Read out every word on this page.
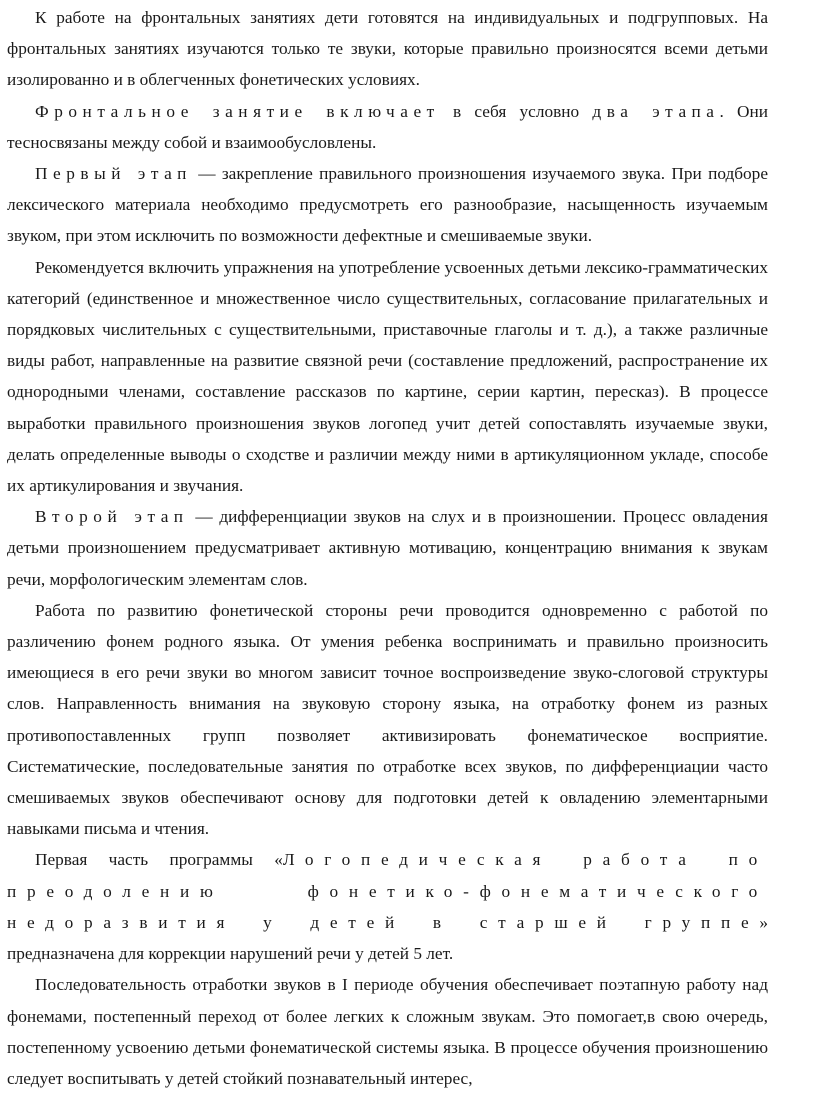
К работе на фронтальных занятиях дети готовятся на индивидуальных и подгрупповых. На фронтальных занятиях изучаются только те звуки, которые правильно произносятся всеми детьми изолированно и в облегченных фонетических условиях.

Фронтальное занятие включает в себя условно два этапа. Они тесносвязаны между собой и взаимообусловлены.

Первый этап — закрепление правильного произношения изучаемого звука. При подборе лексического материала необходимо предусмотреть его разнообразие, насыщенность изучаемым звуком, при этом исключить по возможности дефектные и смешиваемые звуки.

Рекомендуется включить упражнения на употребление усвоенных детьми лексико-грамматических категорий (единственное и множественное число существительных, согласование прилагательных и порядковых числительных с существительными, приставочные глаголы и т. д.), а также различные виды работ, направленные на развитие связной речи (составление предложений, распространение их однородными членами, составление рассказов по картине, серии картин, пересказ). В процессе выработки правильного произношения звуков логопед учит детей сопоставлять изучаемые звуки, делать определенные выводы о сходстве и различии между ними в артикуляционном укладе, способе их артикулирования и звучания.

Второй этап — дифференциации звуков на слух и в произношении. Процесс овладения детьми произношением предусматривает активную мотивацию, концентрацию внимания к звукам речи, морфологическим элементам слов.

Работа по развитию фонетической стороны речи проводится одновременно с работой по различению фонем родного языка. От умения ребенка воспринимать и правильно произносить имеющиеся в его речи звуки во многом зависит точное воспроизведение звуко-слоговой структуры слов. Направленность внимания на звуковую сторону языка, на отработку фонем из разных противопоставленных групп позволяет активизировать фонематическое восприятие. Систематические, последовательные занятия по отработке всех звуков, по дифференциации часто смешиваемых звуков обеспечивают основу для подготовки детей к овладению элементарными навыками письма и чтения.

Первая часть программы «Логопедическая работа по преодолению фонетико-фонематического недоразвития у детей в старшей группе» предназначена для коррекции нарушений речи у детей 5 лет.

Последовательность отработки звуков в I периоде обучения обеспечивает поэтапную работу над фонемами, постепенный переход от более легких к сложным звукам. Это помогает,в свою очередь, постепенному усвоению детьми фонематической системы языка. В процессе обучения произношению следует воспитывать у детей стойкий познавательный интерес,
